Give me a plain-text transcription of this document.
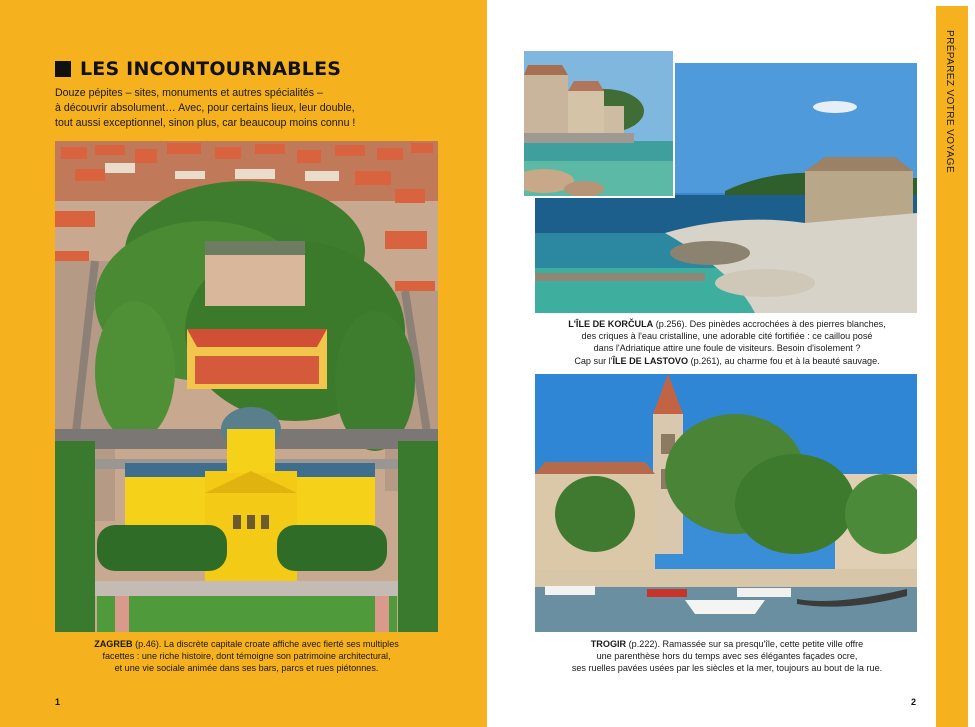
LES INCONTOURNABLES

Douze pépites – sites, monuments et autres spécialités –
à découvrir absolument… Avec, pour certains lieux, leur double,
tout aussi exceptionnel, sinon plus, car beaucoup moins connu !

ZAGREB (p.46). La discrète capitale croate affiche avec fierté ses multiples
facettes : une riche histoire, dont témoigne son patrimoine architectural,
et une vie sociale animée dans ses bars, parcs et rues piétonnes.

1

L'ÎLE DE KORČULA (p.256). Des pinèdes accrochées à des pierres blanches,
des criques à l'eau cristalline, une adorable cité fortifiée : ce caillou posé
dans l'Adriatique attire une foule de visiteurs. Besoin d'isolement ?
Cap sur l'ÎLE DE LASTOVO (p.261), au charme fou et à la beauté sauvage.

TROGIR (p.222). Ramassée sur sa presqu'île, cette petite ville offre
une parenthèse hors du temps avec ses élégantes façades ocre,
ses ruelles pavées usées par les siècles et la mer, toujours au bout de la rue.

2
PRÉPAREZ VOTRE VOYAGE
